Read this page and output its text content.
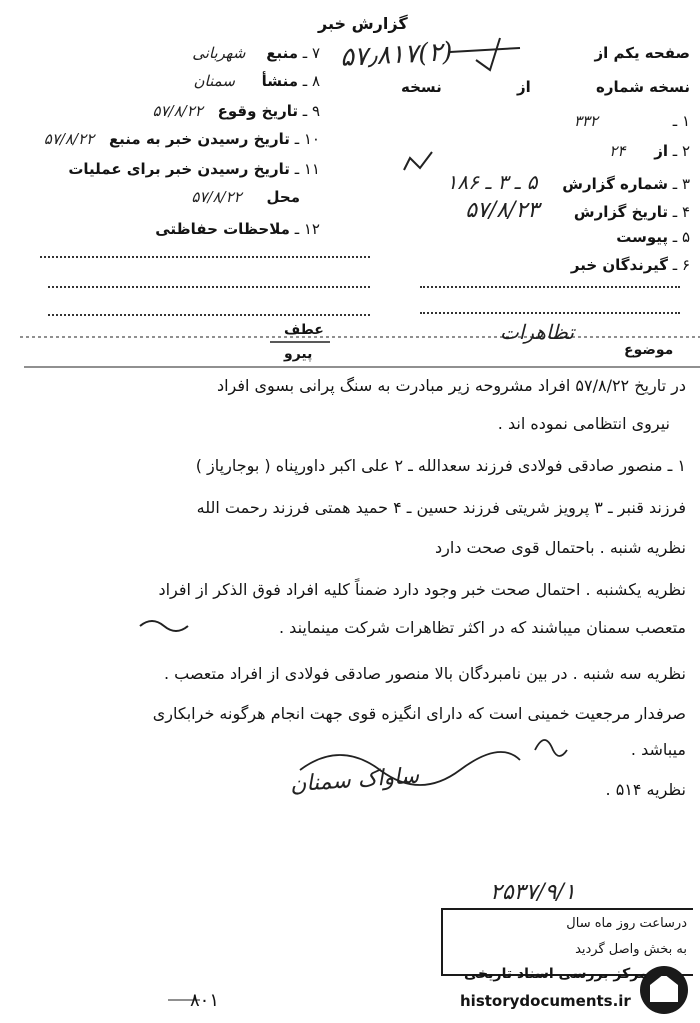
گزارش خبر
۵۷٫۸۱۷(۲)
۷ ـ منبع شهربانی
۸ ـ منشأ سمنان
۹ ـ تاریخ وقوع ۵۷/۸/۲۲
۱۰ ـ تاریخ رسیدن خبر به منبع ۵۷/۸/۲۲
۱۱ ـ تاریخ رسیدن خبر برای عملیات
محل ۵۷/۸/۲۲
۱۲ ـ ملاحظات حفاظتی
صفحه یکم از
نسخه شماره از نسخه
۱ ـ ۳۳۲
۲ ـ از ۲۴
۳ ـ شماره گزارش ۵ ـ ۳ ـ ۱۸۶
۴ ـ تاریخ گزارش ۵۷/۸/۲۳
۵ ـ پیوست
۶ ـ گیرندگان خبر
موضوع
تظاهرات
عطف
پیرو
در تاریخ ۵۷/۸/۲۲ افراد مشروحه زیر مبادرت به سنگ پرانی بسوی افراد
نیروی انتظامی نموده اند .
۱ ـ منصور صادقی فولادی فرزند سعدالله ـ ۲ علی اکبر داورپناه ( بوجارپاز )
فرزند قنبر ـ ۳ پرویز شریتی فرزند حسین ـ ۴ حمید همتی فرزند رحمت الله
نظریه شنبه . باحتمال قوی صحت دارد
نظریه یکشنبه . احتمال صحت خبر وجود دارد ضمناً کلیه افراد فوق الذکر از افراد
متعصب سمنان میباشند که در اکثر تظاهرات شرکت مینمایند .
نظریه سه شنبه . در بین نامبردگان بالا منصور صادقی فولادی از افراد متعصب .
صرفدار مرجعیت خمینی است که دارای انگیزه قوی جهت انجام هرگونه خرابکاری
میباشد .
نظریه ۵۱۴ .
ساواک سمنان
۲۵۳۷/۹/۱
درساعت روز ماه سال
به بخش واصل گردید
۸۰۱
مرکز بررسی اسناد تاریخی
historydocuments.ir
